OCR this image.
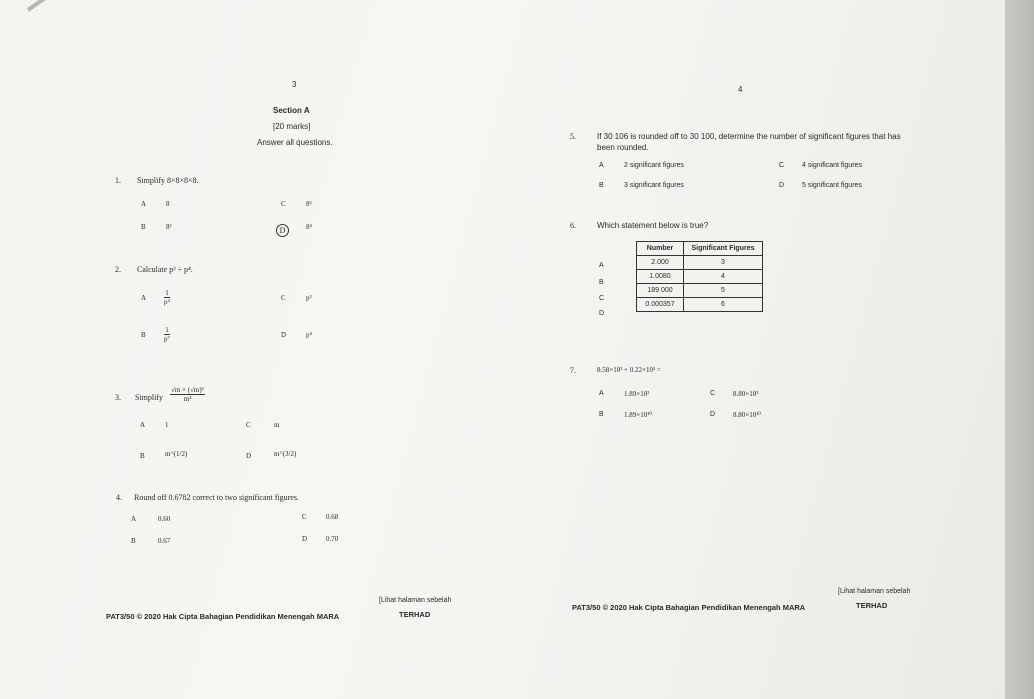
3
Section A
[20 marks]
Answer all questions.
1. Simplify 8×8×8×8.
A	8	C	8³
B	8²	D	8⁴
2. Calculate p³ ÷ p⁴.
A	$\frac{1}{\text{p⁴}}$	C	p³
B	$\frac{1}{\text{p⁷}}$	D	p⁴
3. Simplify $\frac{\text{√m × (√m)³}}{\text{m²}}$
A	1	C	m
B	m^(1/2)	D	m^(3/2)
4. Round off 0.6782 correct to two significant figures.
A	0.60	C	0.68
B	0.67	D	0.70
[Lihat halaman sebelah
PAT3/50 © 2020 Hak Cipta Bahagian Pendidikan Menengah MARA	TERHAD
4
5.	If 30 106 is rounded off to 30 100, determine the number of significant figures that has
been rounded.
A	2 significant figures	C	4 significant figures
B	3 significant figures	D	5 significant figures
6.	Which statement below is true?
A
B
C
D
Number	Significant Figures
2.000	3
1.0080	4
189 000	5
0.000357	6
7.	8.58×10³ + 0.22×10³ =
A	1.89×10³	C	8.80×10³
B	1.89×10¹⁰	D	8.80×10¹⁰
[Lihat halaman sebelah
PAT3/50 © 2020 Hak Cipta Bahagian Pendidikan Menengah MARA	TERHAD
